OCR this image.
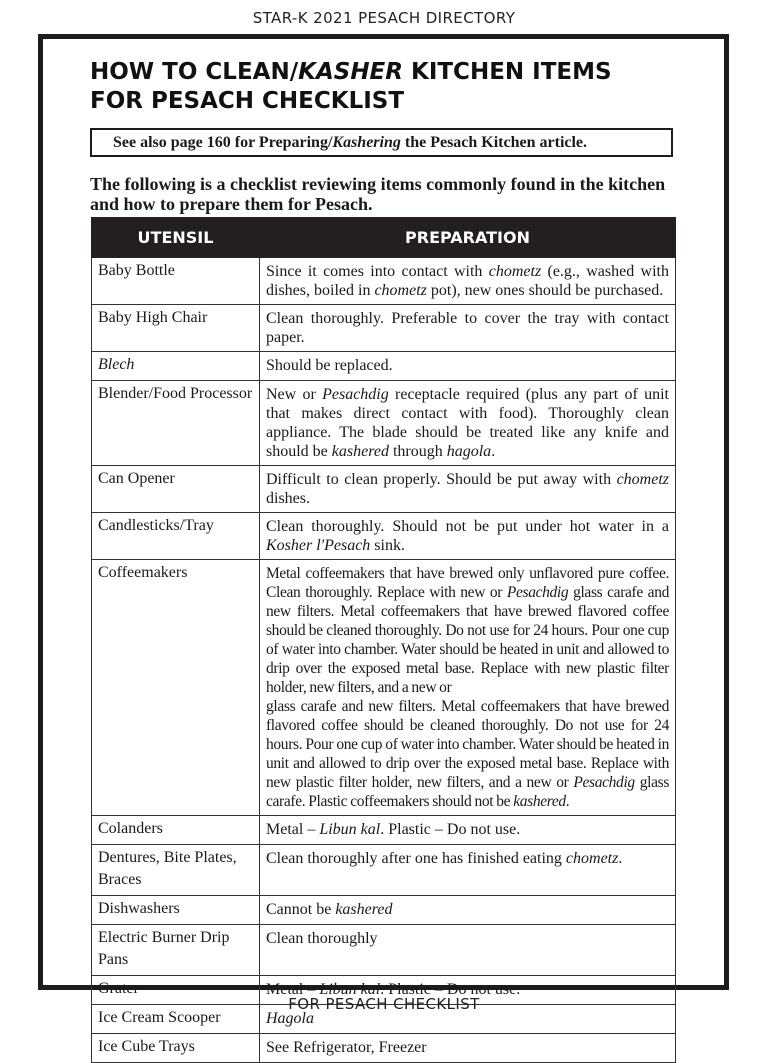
STAR-K 2021 PESACH DIRECTORY
HOW TO CLEAN/KASHER KITCHEN ITEMS
FOR PESACH CHECKLIST
See also page 160 for Preparing/Kashering the Pesach Kitchen article.

The following is a checklist reviewing items commonly found in the kitchen and how to prepare them for Pesach.

UTENSIL	PREPARATION
Baby Bottle	Since it comes into contact with chometz (e.g., washed with dishes, boiled in chometz pot), new ones should be purchased.
Baby High Chair	Clean thoroughly. Preferable to cover the tray with contact paper.
Blech	Should be replaced.
Blender/Food Processor	New or Pesachdig receptacle required (plus any part of unit that makes direct contact with food). Thoroughly clean appliance. The blade should be treated like any knife and should be kashered through hagola.
Can Opener	Difficult to clean properly. Should be put away with chometz dishes.
Candlesticks/Tray	Clean thoroughly. Should not be put under hot water in a Kosher l'Pesach sink.
Coffeemakers	Metal coffeemakers that have brewed only unflavored pure coffee. Clean thoroughly. Replace with new or Pesachdig glass carafe and new filters. Metal coffeemakers that have brewed flavored coffee should be cleaned thoroughly. Do not use for 24 hours. Pour one cup of water into chamber. Water should be heated in unit and allowed to drip over the exposed metal base. Replace with new plastic filter holder, new filters, and a new or
glass carafe and new filters. Metal coffeemakers that have brewed flavored coffee should be cleaned thoroughly. Do not use for 24 hours. Pour one cup of water into chamber. Water should be heated in unit and allowed to drip over the exposed metal base. Replace with new plastic filter holder, new filters, and a new or Pesachdig glass carafe. Plastic coffeemakers should not be kashered.
Colanders	Metal – Libun kal. Plastic – Do not use.
Dentures, Bite Plates, Braces	Clean thoroughly after one has finished eating chometz.
Dishwashers	Cannot be kashered
Electric Burner Drip Pans	Clean thoroughly
Grater	Metal – Libun kal. Plastic – Do not use.
Ice Cream Scooper	Hagola
Ice Cube Trays	See Refrigerator, Freezer
FOR PESACH CHECKLIST
